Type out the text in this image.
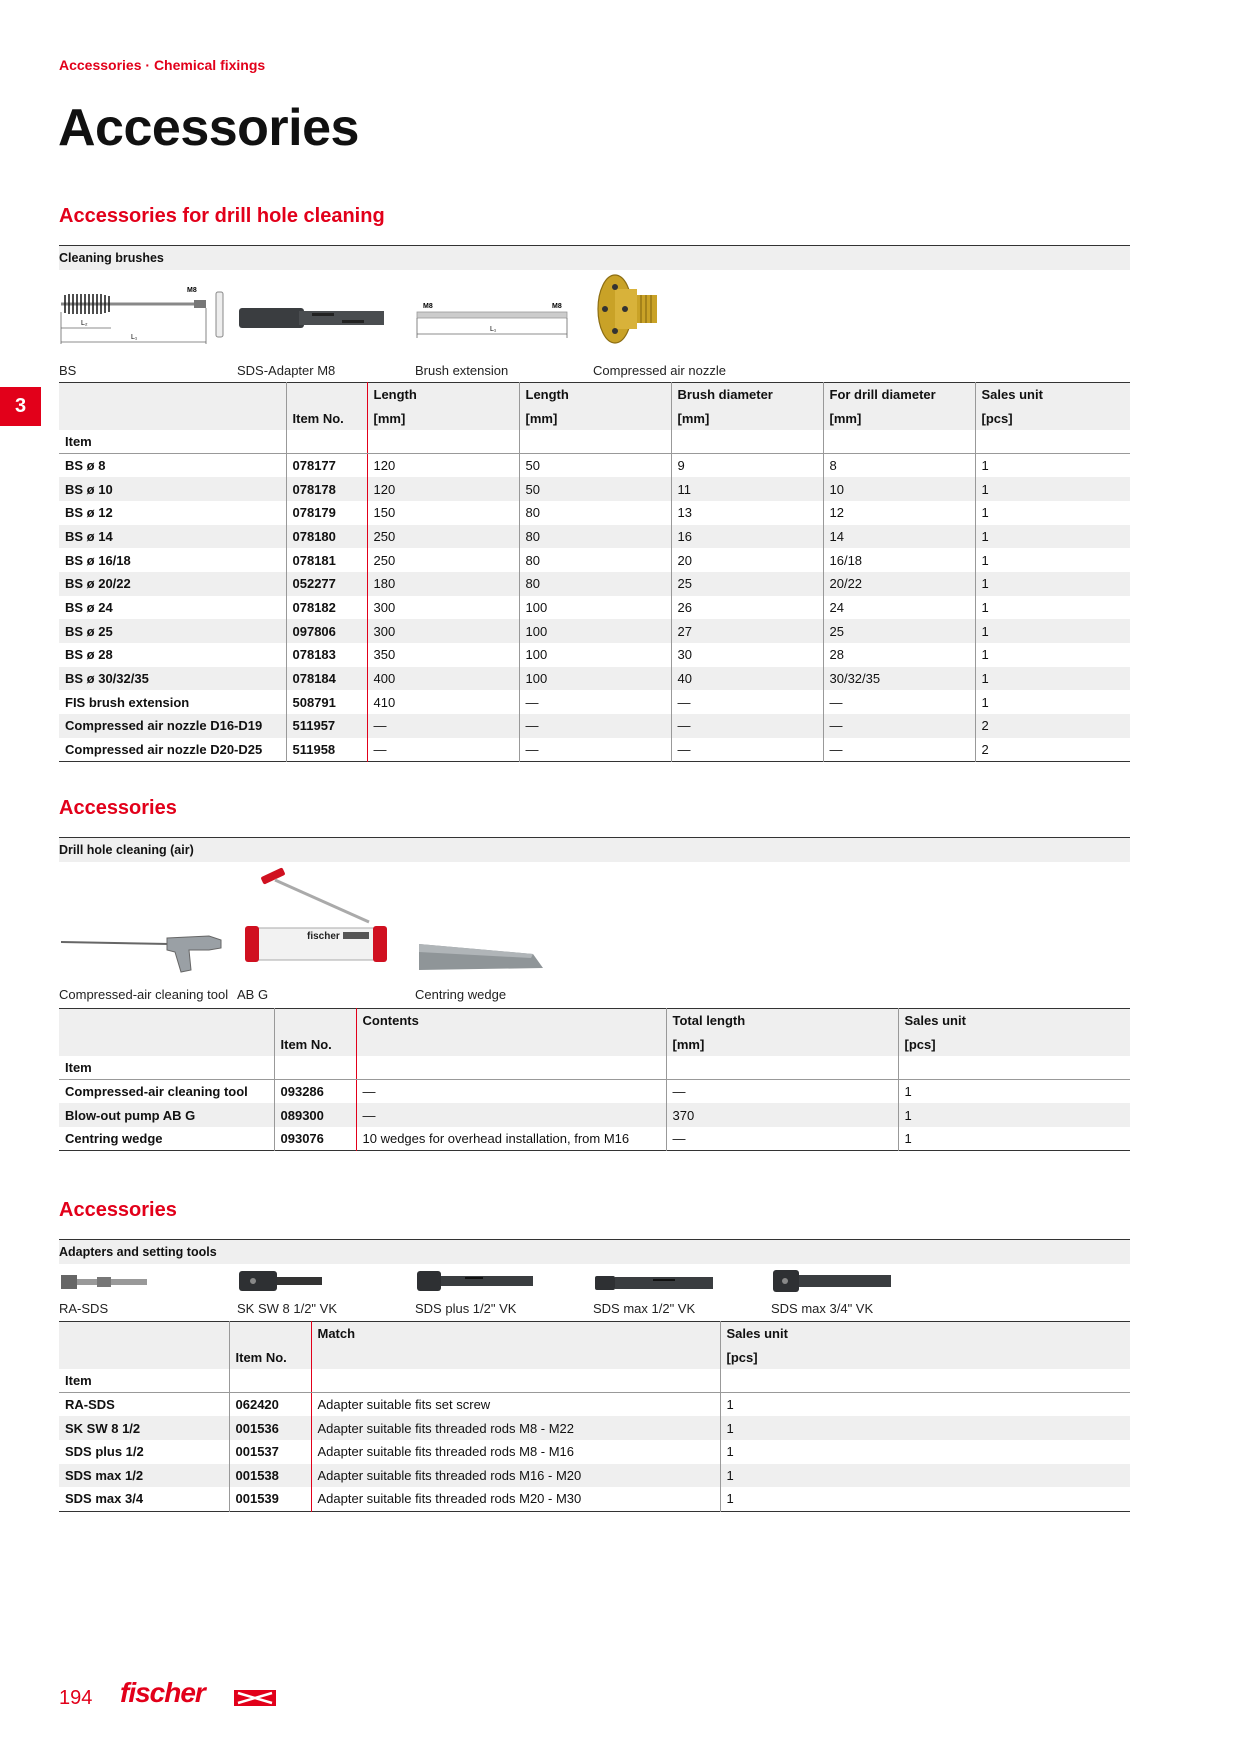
Accessories · Chemical fixings
Accessories
3
Accessories for drill hole cleaning
Cleaning brushes
M8
L₂
L₁
BS	SDS-Adapter M8
M8	M8
L₁
Brush extension	Compressed air nozzle
		Length	Length	Brush diameter	For drill diameter	Sales unit
	Item No.	[mm]	[mm]	[mm]	[mm]	[pcs]
Item						
BS ø 8	078177	120	50	9	8	1
BS ø 10	078178	120	50	11	10	1
BS ø 12	078179	150	80	13	12	1
BS ø 14	078180	250	80	16	14	1
BS ø 16/18	078181	250	80	20	16/18	1
BS ø 20/22	052277	180	80	25	20/22	1
BS ø 24	078182	300	100	26	24	1
BS ø 25	097806	300	100	27	25	1
BS ø 28	078183	350	100	30	28	1
BS ø 30/32/35	078184	400	100	40	30/32/35	1
FIS brush extension	508791	410	—	—	—	1
Compressed air nozzle D16-D19	511957	—	—	—	—	2
Compressed air nozzle D20-D25	511958	—	—	—	—	2
Accessories
Drill hole cleaning (air)
Compressed-air cleaning tool
fischer
AB G	Centring wedge
		Contents	Total length	Sales unit
	Item No.		[mm]	[pcs]
Item				
Compressed-air cleaning tool	093286	—	—	1
Blow-out pump AB G	089300	—	370	1
Centring wedge	093076	10 wedges for overhead installation, from M16	—	1
Accessories
Adapters and setting tools
RA-SDS	SK SW 8 1/2" VK	SDS plus 1/2" VK	SDS max 1/2" VK	SDS max 3/4" VK
		Match	Sales unit
	Item No.		[pcs]
Item			
RA-SDS	062420	Adapter suitable fits set screw	1
SK SW 8 1/2	001536	Adapter suitable fits threaded rods M8 - M22	1
SDS plus 1/2	001537	Adapter suitable fits threaded rods M8 - M16	1
SDS max 1/2	001538	Adapter suitable fits threaded rods M16 - M20	1
SDS max 3/4	001539	Adapter suitable fits threaded rods M20 - M30	1
194 fischer
